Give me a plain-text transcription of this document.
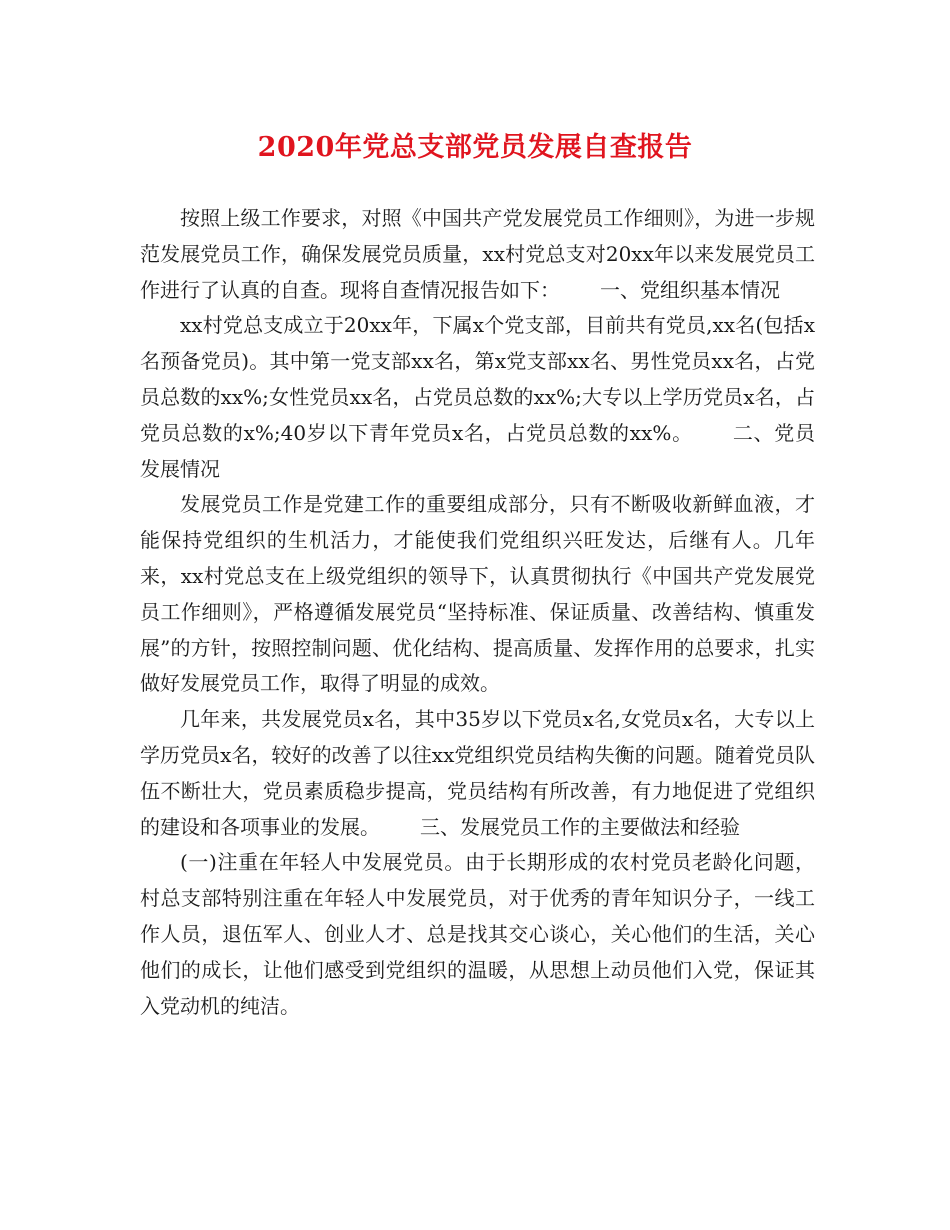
2020年党总支部党员发展自查报告

按照上级工作要求，对照《中国共产党发展党员工作细则》，为进一步规范发展党员工作，确保发展党员质量，xx村党总支对20xx年以来发展党员工作进行了认真的自查。现将自查情况报告如下： 一、党组织基本情况

xx村党总支成立于20xx年，下属x个党支部，目前共有党员,xx名(包括x名预备党员)。其中第一党支部xx名，第x党支部xx名、男性党员xx名，占党员总数的xx%;女性党员xx名，占党员总数的xx%;大专以上学历党员x名，占党员总数的x%;40岁以下青年党员x名，占党员总数的xx%。 二、党员发展情况

发展党员工作是党建工作的重要组成部分，只有不断吸收新鲜血液，才能保持党组织的生机活力，才能使我们党组织兴旺发达，后继有人。几年来，xx村党总支在上级党组织的领导下，认真贯彻执行《中国共产党发展党员工作细则》，严格遵循发展党员“坚持标准、保证质量、改善结构、慎重发展”的方针，按照控制问题、优化结构、提高质量、发挥作用的总要求，扎实做好发展党员工作，取得了明显的成效。

几年来，共发展党员x名，其中35岁以下党员x名,女党员x名，大专以上学历党员x名，较好的改善了以往xx党组织党员结构失衡的问题。随着党员队伍不断壮大，党员素质稳步提高，党员结构有所改善，有力地促进了党组织的建设和各项事业的发展。 三、发展党员工作的主要做法和经验

(一)注重在年轻人中发展党员。由于长期形成的农村党员老龄化问题，村总支部特别注重在年轻人中发展党员，对于优秀的青年知识分子，一线工作人员，退伍军人、创业人才、总是找其交心谈心，关心他们的生活，关心他们的成长，让他们感受到党组织的温暖，从思想上动员他们入党，保证其入党动机的纯洁。
